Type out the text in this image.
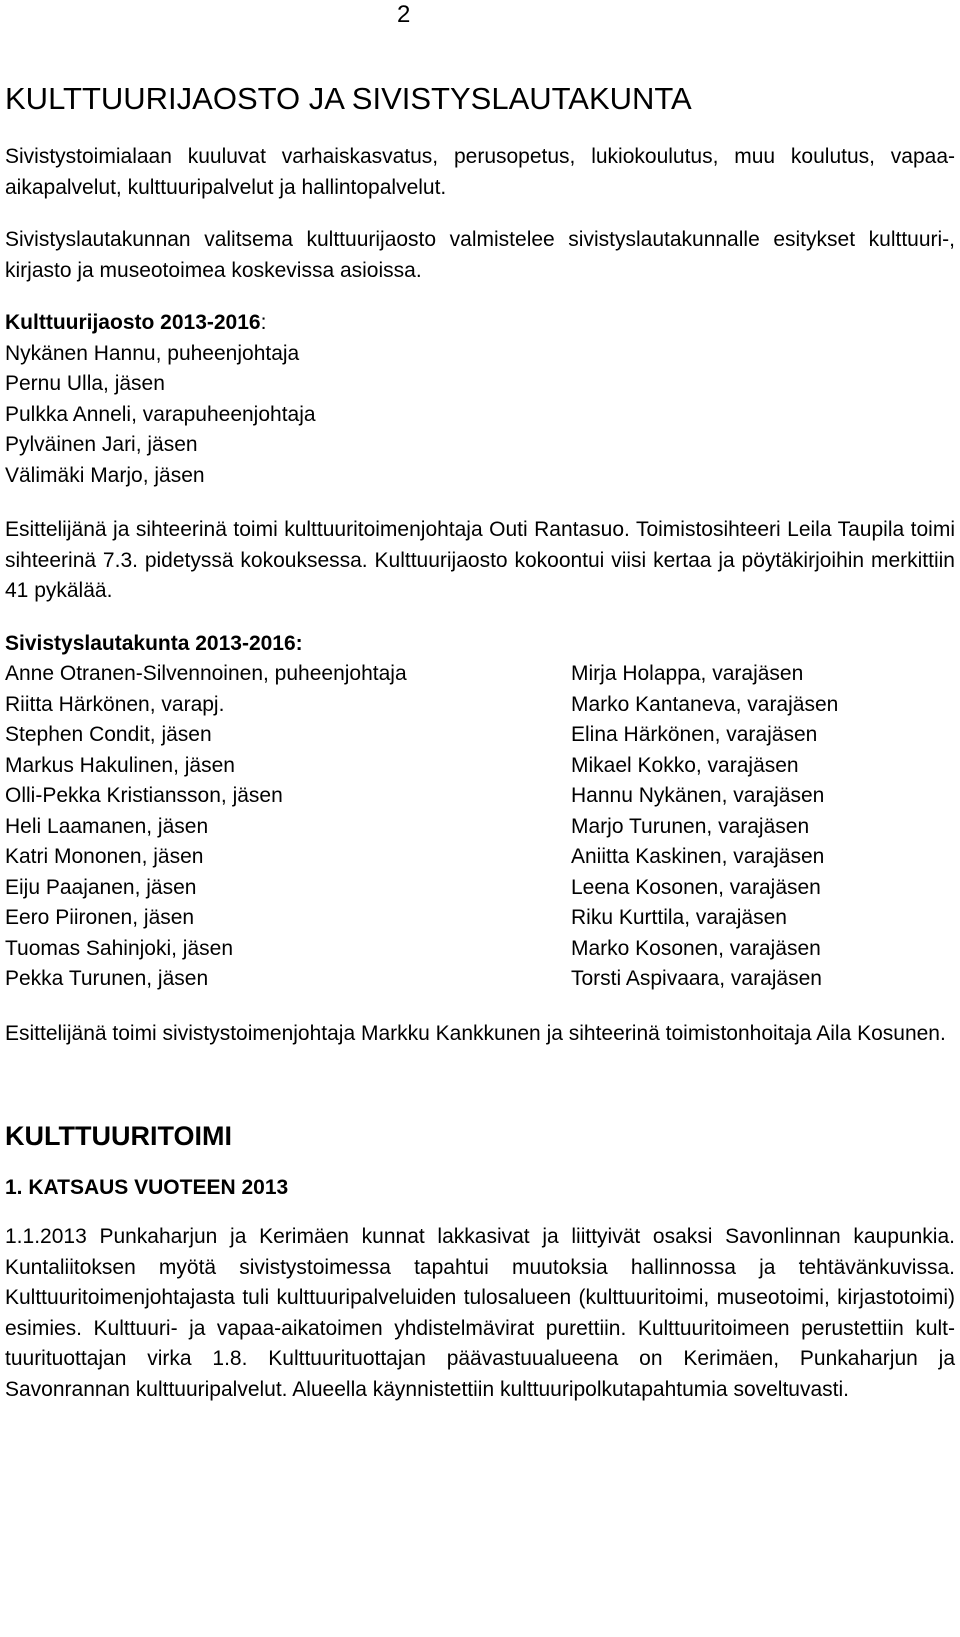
2
KULTTUURIJAOSTO JA SIVISTYSLAUTAKUNTA

Sivistystoimialaan kuuluvat varhaiskasvatus, perusopetus, lukiokoulutus, muu koulutus, vapaa-aikapalvelut, kulttuuripalvelut ja hallintopalvelut.

Sivistyslautakunnan valitsema kulttuurijaosto valmistelee sivistyslautakunnalle esitykset kulttuuri-, kirjasto ja museotoimea koskevissa asioissa.

Kulttuurijaosto 2013-2016:

Nykänen Hannu, puheenjohtaja
Pernu Ulla, jäsen
Pulkka Anneli, varapuheenjohtaja
Pylväinen Jari, jäsen
Välimäki Marjo, jäsen

Esittelijänä ja sihteerinä toimi kulttuuritoimenjohtaja Outi Rantasuo. Toimistosihteeri Leila Taupila toimi sihteerinä 7.3. pidetyssä kokouksessa. Kulttuurijaosto kokoontui viisi kertaa ja pöytäkirjoihin merkittiin 41 pykälää.

Sivistyslautakunta 2013-2016:

Anne Otranen-Silvennoinen, puheenjohtaja
Riitta Härkönen, varapj.
Stephen Condit, jäsen
Markus Hakulinen, jäsen
Olli-Pekka Kristiansson, jäsen
Heli Laamanen, jäsen
Katri Mononen, jäsen
Eiju Paajanen, jäsen
Eero Piironen, jäsen
Tuomas Sahinjoki, jäsen
Pekka Turunen, jäsen
Mirja Holappa, varajäsen
Marko Kantaneva, varajäsen
Elina Härkönen, varajäsen
Mikael Kokko, varajäsen
Hannu Nykänen, varajäsen
Marjo Turunen, varajäsen
Aniitta Kaskinen, varajäsen
Leena Kosonen, varajäsen
Riku Kurttila, varajäsen
Marko Kosonen, varajäsen
Torsti Aspivaara, varajäsen

Esittelijänä toimi sivistystoimenjohtaja Markku Kankkunen ja sihteerinä toimistonhoitaja Aila Kosunen.

KULTTUURITOIMI
1. KATSAUS VUOTEEN 2013

1.1.2013 Punkaharjun ja Kerimäen kunnat lakkasivat ja liittyivät osaksi Savonlinnan kaupunkia. Kuntaliitoksen myötä sivistystoimessa tapahtui muutoksia hallinnossa ja tehtävänkuvissa. Kulttuuritoimenjohtajasta tuli kulttuuripalveluiden tulosalueen (kulttuuritoimi, museotoimi, kirjastotoimi) esimies. Kulttuuri- ja vapaa-aikatoimen yhdistelmävirat purettiin. Kulttuuritoimeen perustettiin kulttuurituottajan virka 1.8. Kulttuurituottajan päävastuualueena on Kerimäen, Punkaharjun ja Savonrannan kulttuuripalvelut. Alueella käynnistettiin kulttuuripolkutapahtumia soveltuvasti.
